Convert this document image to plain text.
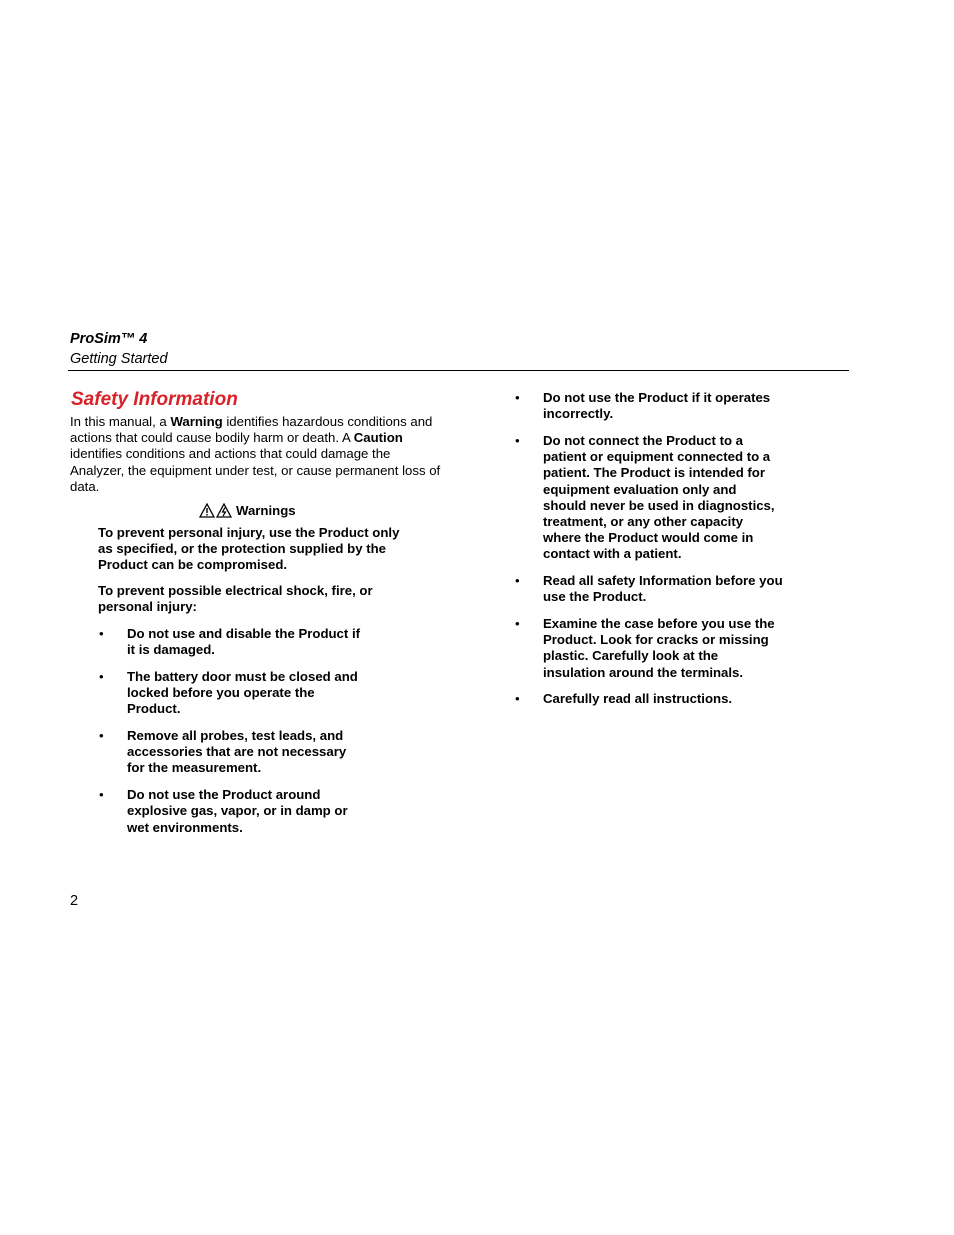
ProSim™ 4
Getting Started
Safety Information
In this manual, a Warning identifies hazardous conditions and actions that could cause bodily harm or death. A Caution identifies conditions and actions that could damage the Analyzer, the equipment under test, or cause permanent loss of data.
Warnings
To prevent personal injury, use the Product only as specified, or the protection supplied by the Product can be compromised.
To prevent possible electrical shock, fire, or personal injury:
• Do not use and disable the Product if it is damaged.
• The battery door must be closed and locked before you operate the Product.
• Remove all probes, test leads, and accessories that are not necessary for the measurement.
• Do not use the Product around explosive gas, vapor, or in damp or wet environments.
• Do not use the Product if it operates incorrectly.
• Do not connect the Product to a patient or equipment connected to a patient. The Product is intended for equipment evaluation only and should never be used in diagnostics, treatment, or any other capacity where the Product would come in contact with a patient.
• Read all safety Information before you use the Product.
• Examine the case before you use the Product. Look for cracks or missing plastic. Carefully look at the insulation around the terminals.
• Carefully read all instructions.
2
